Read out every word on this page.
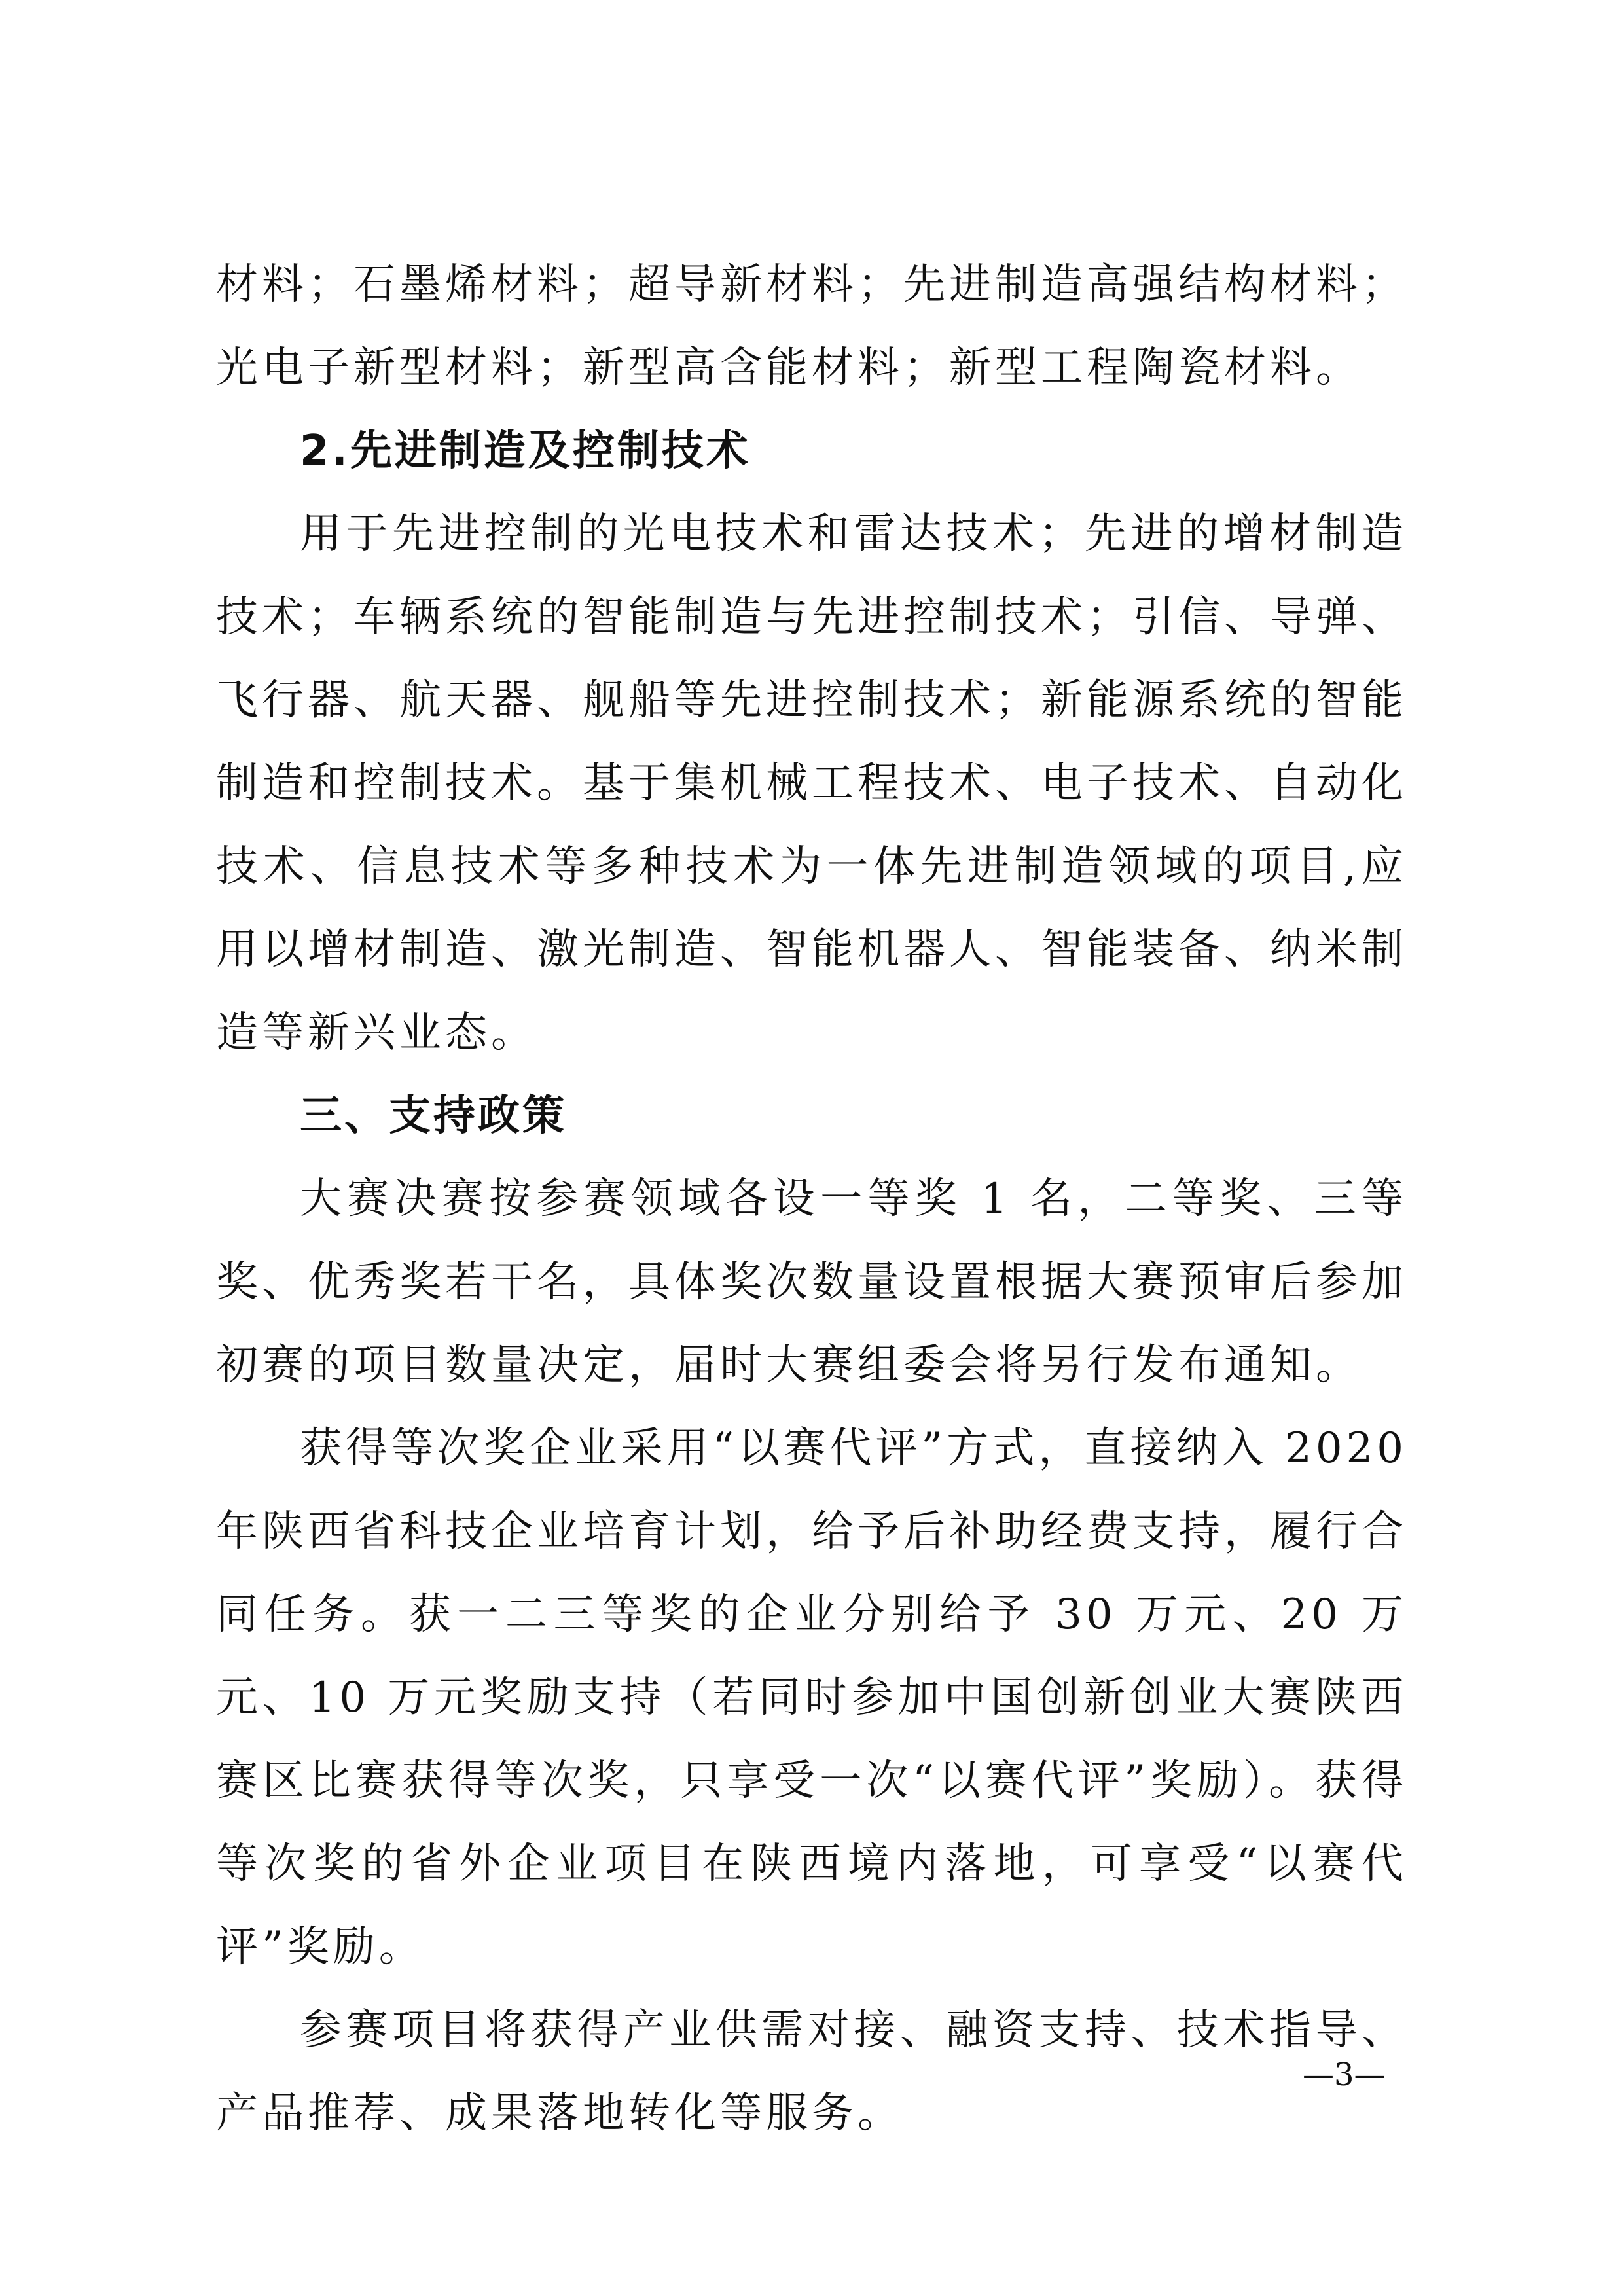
材料；石墨烯材料；超导新材料；先进制造高强结构材料；光电子新型材料；新型高含能材料；新型工程陶瓷材料。

2.先进制造及控制技术

用于先进控制的光电技术和雷达技术；先进的增材制造技术；车辆系统的智能制造与先进控制技术；引信、导弹、飞行器、航天器、舰船等先进控制技术；新能源系统的智能制造和控制技术。基于集机械工程技术、电子技术、自动化技术、信息技术等多种技术为一体先进制造领域的项目,应用以增材制造、激光制造、智能机器人、智能装备、纳米制造等新兴业态。

三、支持政策

大赛决赛按参赛领域各设一等奖 1 名，二等奖、三等奖、优秀奖若干名，具体奖次数量设置根据大赛预审后参加初赛的项目数量决定，届时大赛组委会将另行发布通知。

获得等次奖企业采用“以赛代评”方式，直接纳入 2020 年陕西省科技企业培育计划，给予后补助经费支持，履行合同任务。获一二三等奖的企业分别给予 30 万元、20 万元、10 万元奖励支持（若同时参加中国创新创业大赛陕西赛区比赛获得等次奖，只享受一次“以赛代评”奖励）。获得等次奖的省外企业项目在陕西境内落地，可享受“以赛代评”奖励。

参赛项目将获得产业供需对接、融资支持、技术指导、产品推荐、成果落地转化等服务。

—3—
